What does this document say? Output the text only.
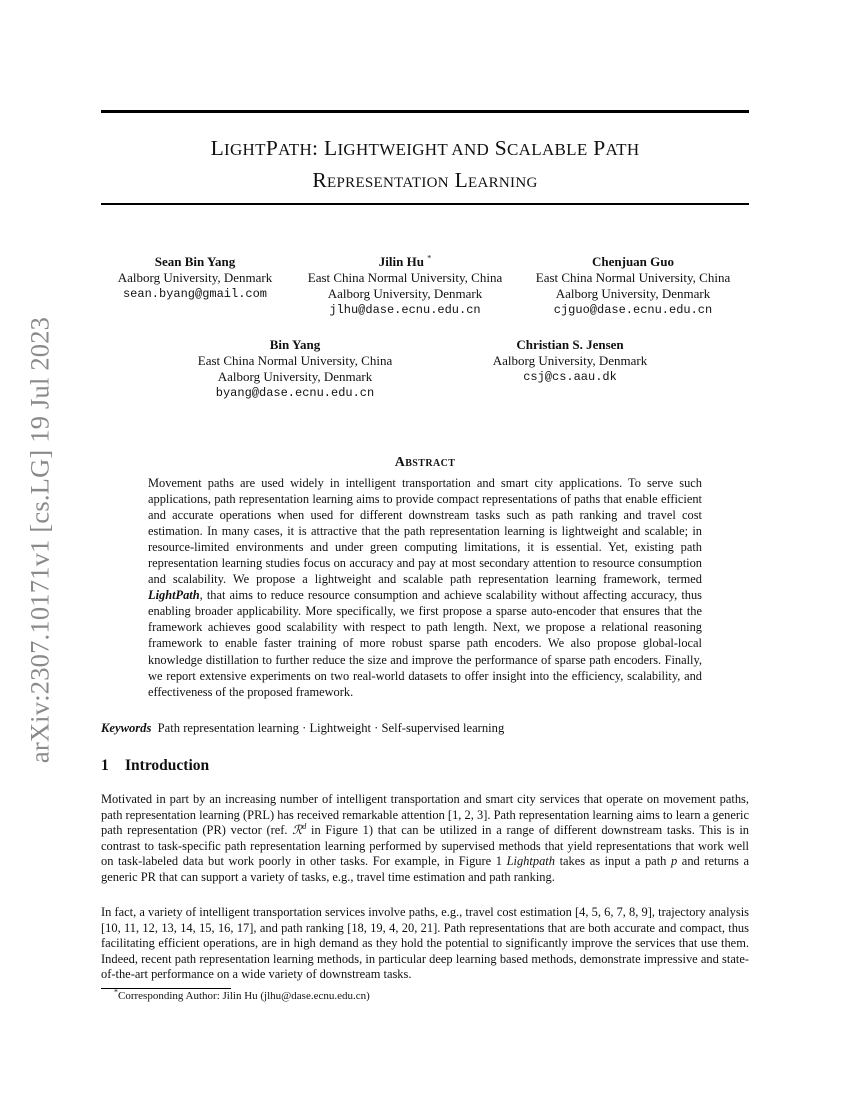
arXiv:2307.10171v1 [cs.LG] 19 Jul 2023
LIGHTPATH: LIGHTWEIGHT AND SCALABLE PATH
Representation Learning
Sean Bin Yang
Aalborg University, Denmark
sean.byang@gmail.com
Jilin Hu *
East China Normal University, China
Aalborg University, Denmark
jlhu@dase.ecnu.edu.cn
Chenjuan Guo
East China Normal University, China
Aalborg University, Denmark
cjguo@dase.ecnu.edu.cn
Bin Yang
East China Normal University, China
Aalborg University, Denmark
byang@dase.ecnu.edu.cn
Christian S. Jensen
Aalborg University, Denmark
csj@cs.aau.dk
Abstract
Movement paths are used widely in intelligent transportation and smart city applications. To serve such applications, path representation learning aims to provide compact representations of paths that enable efficient and accurate operations when used for different downstream tasks such as path ranking and travel cost estimation. In many cases, it is attractive that the path representation learning is lightweight and scalable; in resource-limited environments and under green computing limitations, it is essential. Yet, existing path representation learning studies focus on accuracy and pay at most secondary attention to resource consumption and scalability. We propose a lightweight and scalable path representation learning framework, termed LightPath, that aims to reduce resource consumption and achieve scalability without affecting accuracy, thus enabling broader applicability. More specifically, we first propose a sparse auto-encoder that ensures that the framework achieves good scalability with respect to path length. Next, we propose a relational reasoning framework to enable faster training of more robust sparse path encoders. We also propose global-local knowledge distillation to further reduce the size and improve the performance of sparse path encoders. Finally, we report extensive experiments on two real-world datasets to offer insight into the efficiency, scalability, and effectiveness of the proposed framework.
Keywords Path representation learning · Lightweight · Self-supervised learning
1 Introduction
Motivated in part by an increasing number of intelligent transportation and smart city services that operate on movement paths, path representation learning (PRL) has received remarkable attention [1, 2, 3]. Path representation learning aims to learn a generic path representation (PR) vector (ref. ℛ$^d$ in Figure 1) that can be utilized in a range of different downstream tasks. This is in contrast to task-specific path representation learning performed by supervised methods that yield representations that work well on task-labeled data but work poorly in other tasks. For example, in Figure 1 Lightpath takes as input a path p and returns a generic PR that can support a variety of tasks, e.g., travel time estimation and path ranking.
In fact, a variety of intelligent transportation services involve paths, e.g., travel cost estimation [4, 5, 6, 7, 8, 9], trajectory analysis [10, 11, 12, 13, 14, 15, 16, 17], and path ranking [18, 19, 4, 20, 21]. Path representations that are both accurate and compact, thus facilitating efficient operations, are in high demand as they hold the potential to significantly improve the services that use them. Indeed, recent path representation learning methods, in particular deep learning based methods, demonstrate impressive and state-of-the-art performance on a wide variety of downstream tasks.
*Corresponding Author: Jilin Hu (jlhu@dase.ecnu.edu.cn)
